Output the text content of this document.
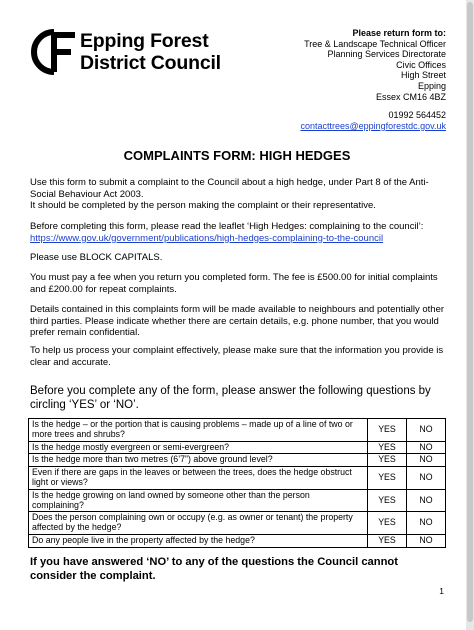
Epping Forest
District Council
Please return form to:
Tree & Landscape Technical Officer
Planning Services Directorate
Civic Offices
High Street
Epping
Essex CM16 4BZ
01992 564452
contacttrees@eppingforestdc.gov.uk
COMPLAINTS FORM: HIGH HEDGES

Use this form to submit a complaint to the Council about a high hedge, under Part 8 of the Anti-Social Behaviour Act 2003.

It should be completed by the person making the complaint or their representative.

Before completing this form, please read the leaflet ‘High Hedges: complaining to the council’:

https://www.gov.uk/government/publications/high-hedges-complaining-to-the-council

Please use BLOCK CAPITALS.
You must pay a fee when you return you completed form. The fee is £500.00 for initial complaints and £200.00 for repeat complaints.
Details contained in this complaints form will be made available to neighbours and potentially other third parties. Please indicate whether there are certain details, e.g. phone number, that you would prefer remain confidential.
To help us process your complaint effectively, please make sure that the information you provide is clear and accurate.
Before you complete any of the form, please answer the following questions by circling ‘YES’ or ‘NO’.
Is the hedge – or the portion that is causing problems – made up of a line of two or more trees and shrubs?	YES	NO
Is the hedge mostly evergreen or semi-evergreen?	YES	NO
Is the hedge more than two metres (6’7”) above ground level?	YES	NO
Even if there are gaps in the leaves or between the trees, does the hedge obstruct light or views?	YES	NO
Is the hedge growing on land owned by someone other than the person complaining?	YES	NO
Does the person complaining own or occupy (e.g. as owner or tenant) the property affected by the hedge?	YES	NO
Do any people live in the property affected by the hedge?	YES	NO
If you have answered ‘NO’ to any of the questions the Council cannot consider the complaint.
1
